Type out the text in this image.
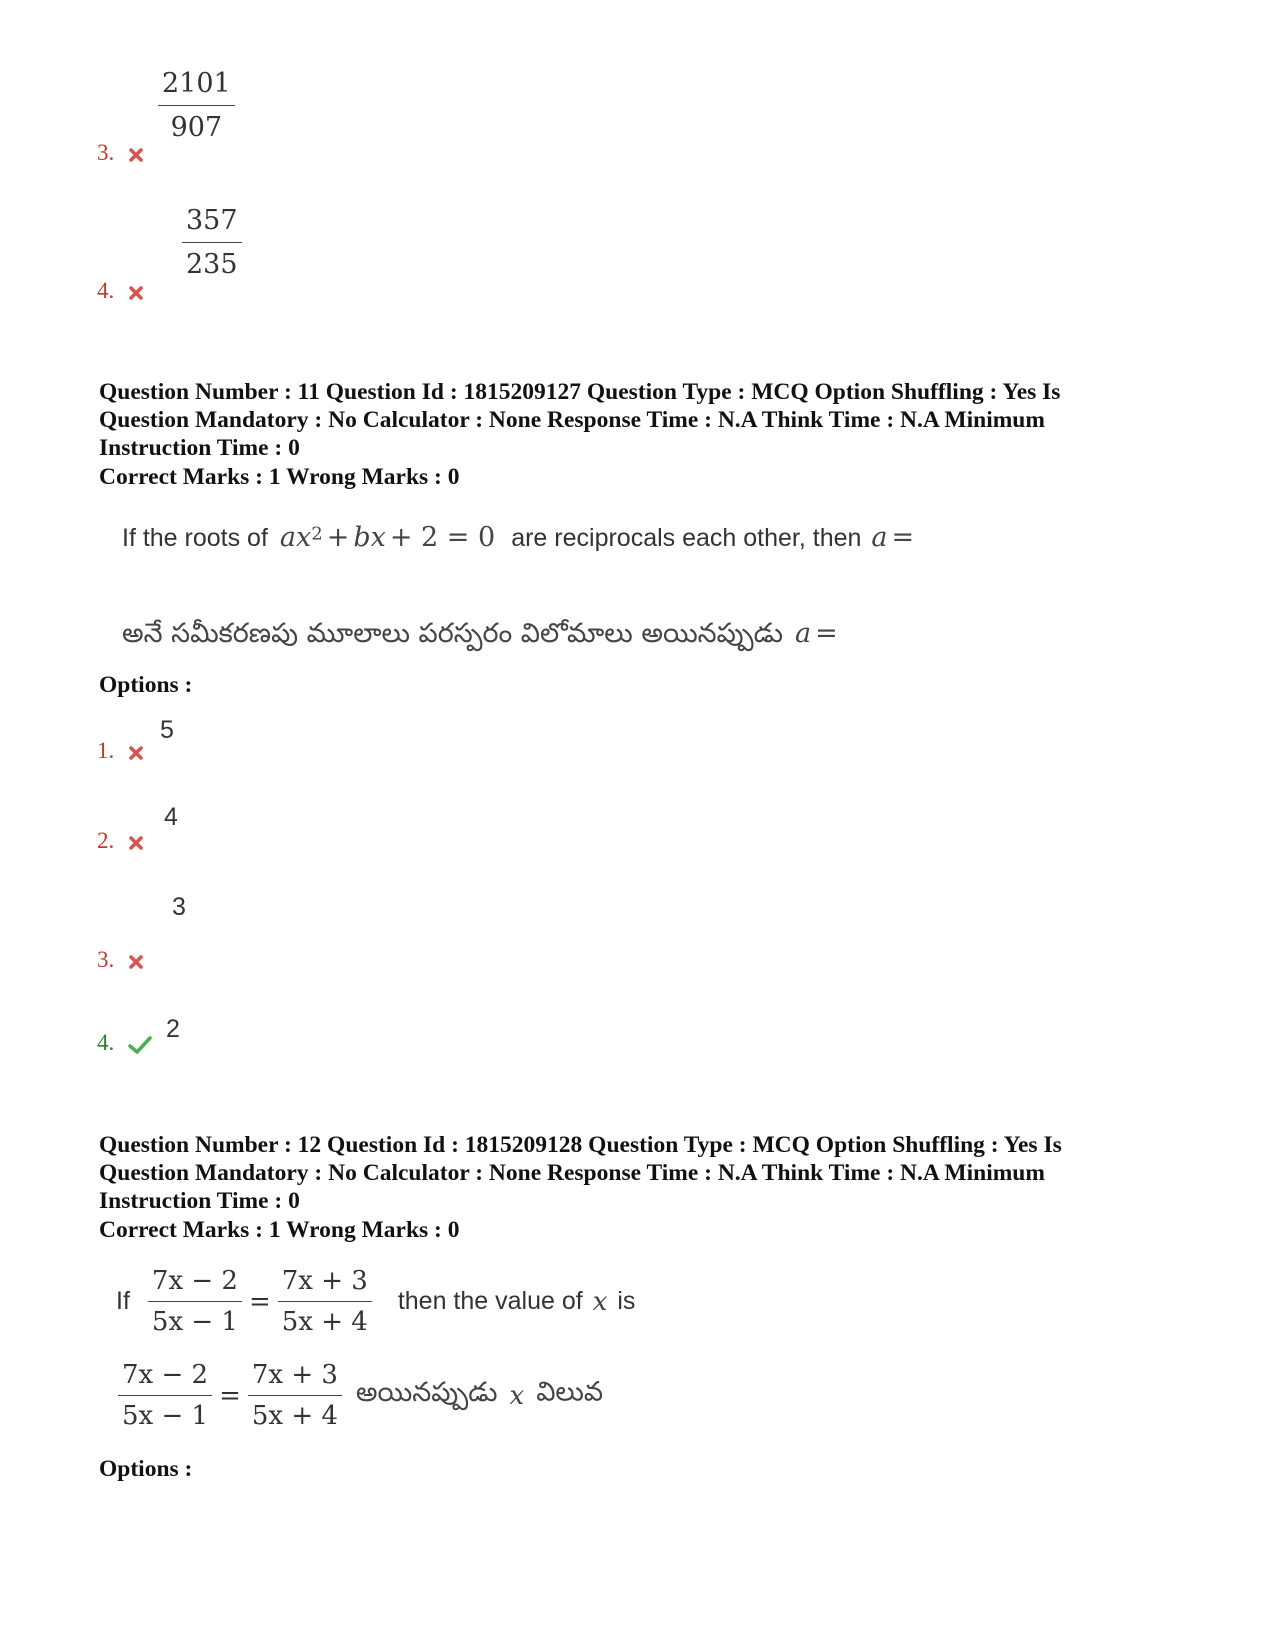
$\frac{2101}{907}$
3.
$\frac{357}{235}$
4.
Question Number : 11 Question Id : 1815209127 Question Type : MCQ Option Shuffling : Yes Is
Question Mandatory : No Calculator : None Response Time : N.A Think Time : N.A Minimum
Instruction Time : 0
Correct Marks : 1 Wrong Marks : 0
If the roots of $ax^2$ + bx + 2 = 0 are reciprocals each other, then a =
అనే సమీకరణపు మూలాలు పరస్పరం విలోమాలు అయినప్పుడు a =
Options :
5
1.
4
2.
3
3.
2
4.
Question Number : 12 Question Id : 1815209128 Question Type : MCQ Option Shuffling : Yes Is
Question Mandatory : No Calculator : None Response Time : N.A Think Time : N.A Minimum
Instruction Time : 0
Correct Marks : 1 Wrong Marks : 0
If $\frac{7x - 2}{5x - 1} = \frac{7x + 3}{5x + 4}$ then the value of x is
$\frac{7x - 2}{5x - 1} = \frac{7x + 3}{5x + 4}$ అయినప్పుడు x విలువ
Options :
